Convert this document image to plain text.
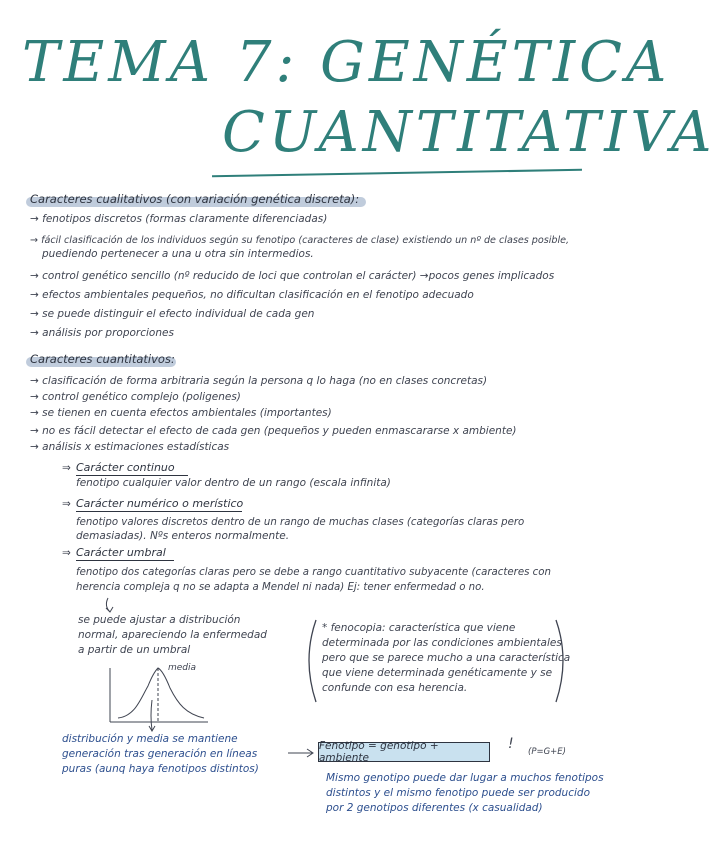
TEMA 7: GENÉTICA
CUANTITATIVA
Caracteres cualitativos (con variación genética discreta):
→ fenotipos discretos (formas claramente diferenciadas)
→ fácil clasificación de los individuos según su fenotipo (caracteres de clase) existiendo un nº de clases posible,
puediendo pertenecer a una u otra sin intermedios.
→ control genético sencillo (nº reducido de loci que controlan el carácter) →pocos genes implicados
→ efectos ambientales pequeños, no dificultan clasificación en el fenotipo adecuado
→ se puede distinguir el efecto individual de cada gen
→ análisis por proporciones
Caracteres cuantitativos:
→ clasificación de forma arbitraria según la persona q lo haga (no en clases concretas)
→ control genético complejo (poligenes)
→ se tienen en cuenta efectos ambientales (importantes)
→ no es fácil detectar el efecto de cada gen (pequeños y pueden enmascararse x ambiente)
→ análisis x estimaciones estadísticas
⇒ Carácter continuo
fenotipo cualquier valor dentro de un rango (escala infinita)
⇒ Carácter numérico o merístico
fenotipo valores discretos dentro de un rango de muchas clases (categorías claras pero
demasiadas). Nºs enteros normalmente.
⇒ Carácter umbral
fenotipo dos categorías claras pero se debe a rango cuantitativo subyacente (caracteres con
herencia compleja q no se adapta a Mendel ni nada) Ej: tener enfermedad o no.
se puede ajustar a distribución
normal, apareciendo la enfermedad
a partir de un umbral
media
distribución y media se mantiene
generación tras generación en líneas
puras (aunq haya fenotipos distintos)
* fenocopia: característica que viene
determinada por las condiciones ambientales
pero que se parece mucho a una característica
que viene determinada genéticamente y se
confunde con esa herencia.
Fenotipo = genotipo + ambiente
! (P=G+E)
Mismo genotipo puede dar lugar a muchos fenotipos
distintos y el mismo fenotipo puede ser producido
por 2 genotipos diferentes (x casualidad)
